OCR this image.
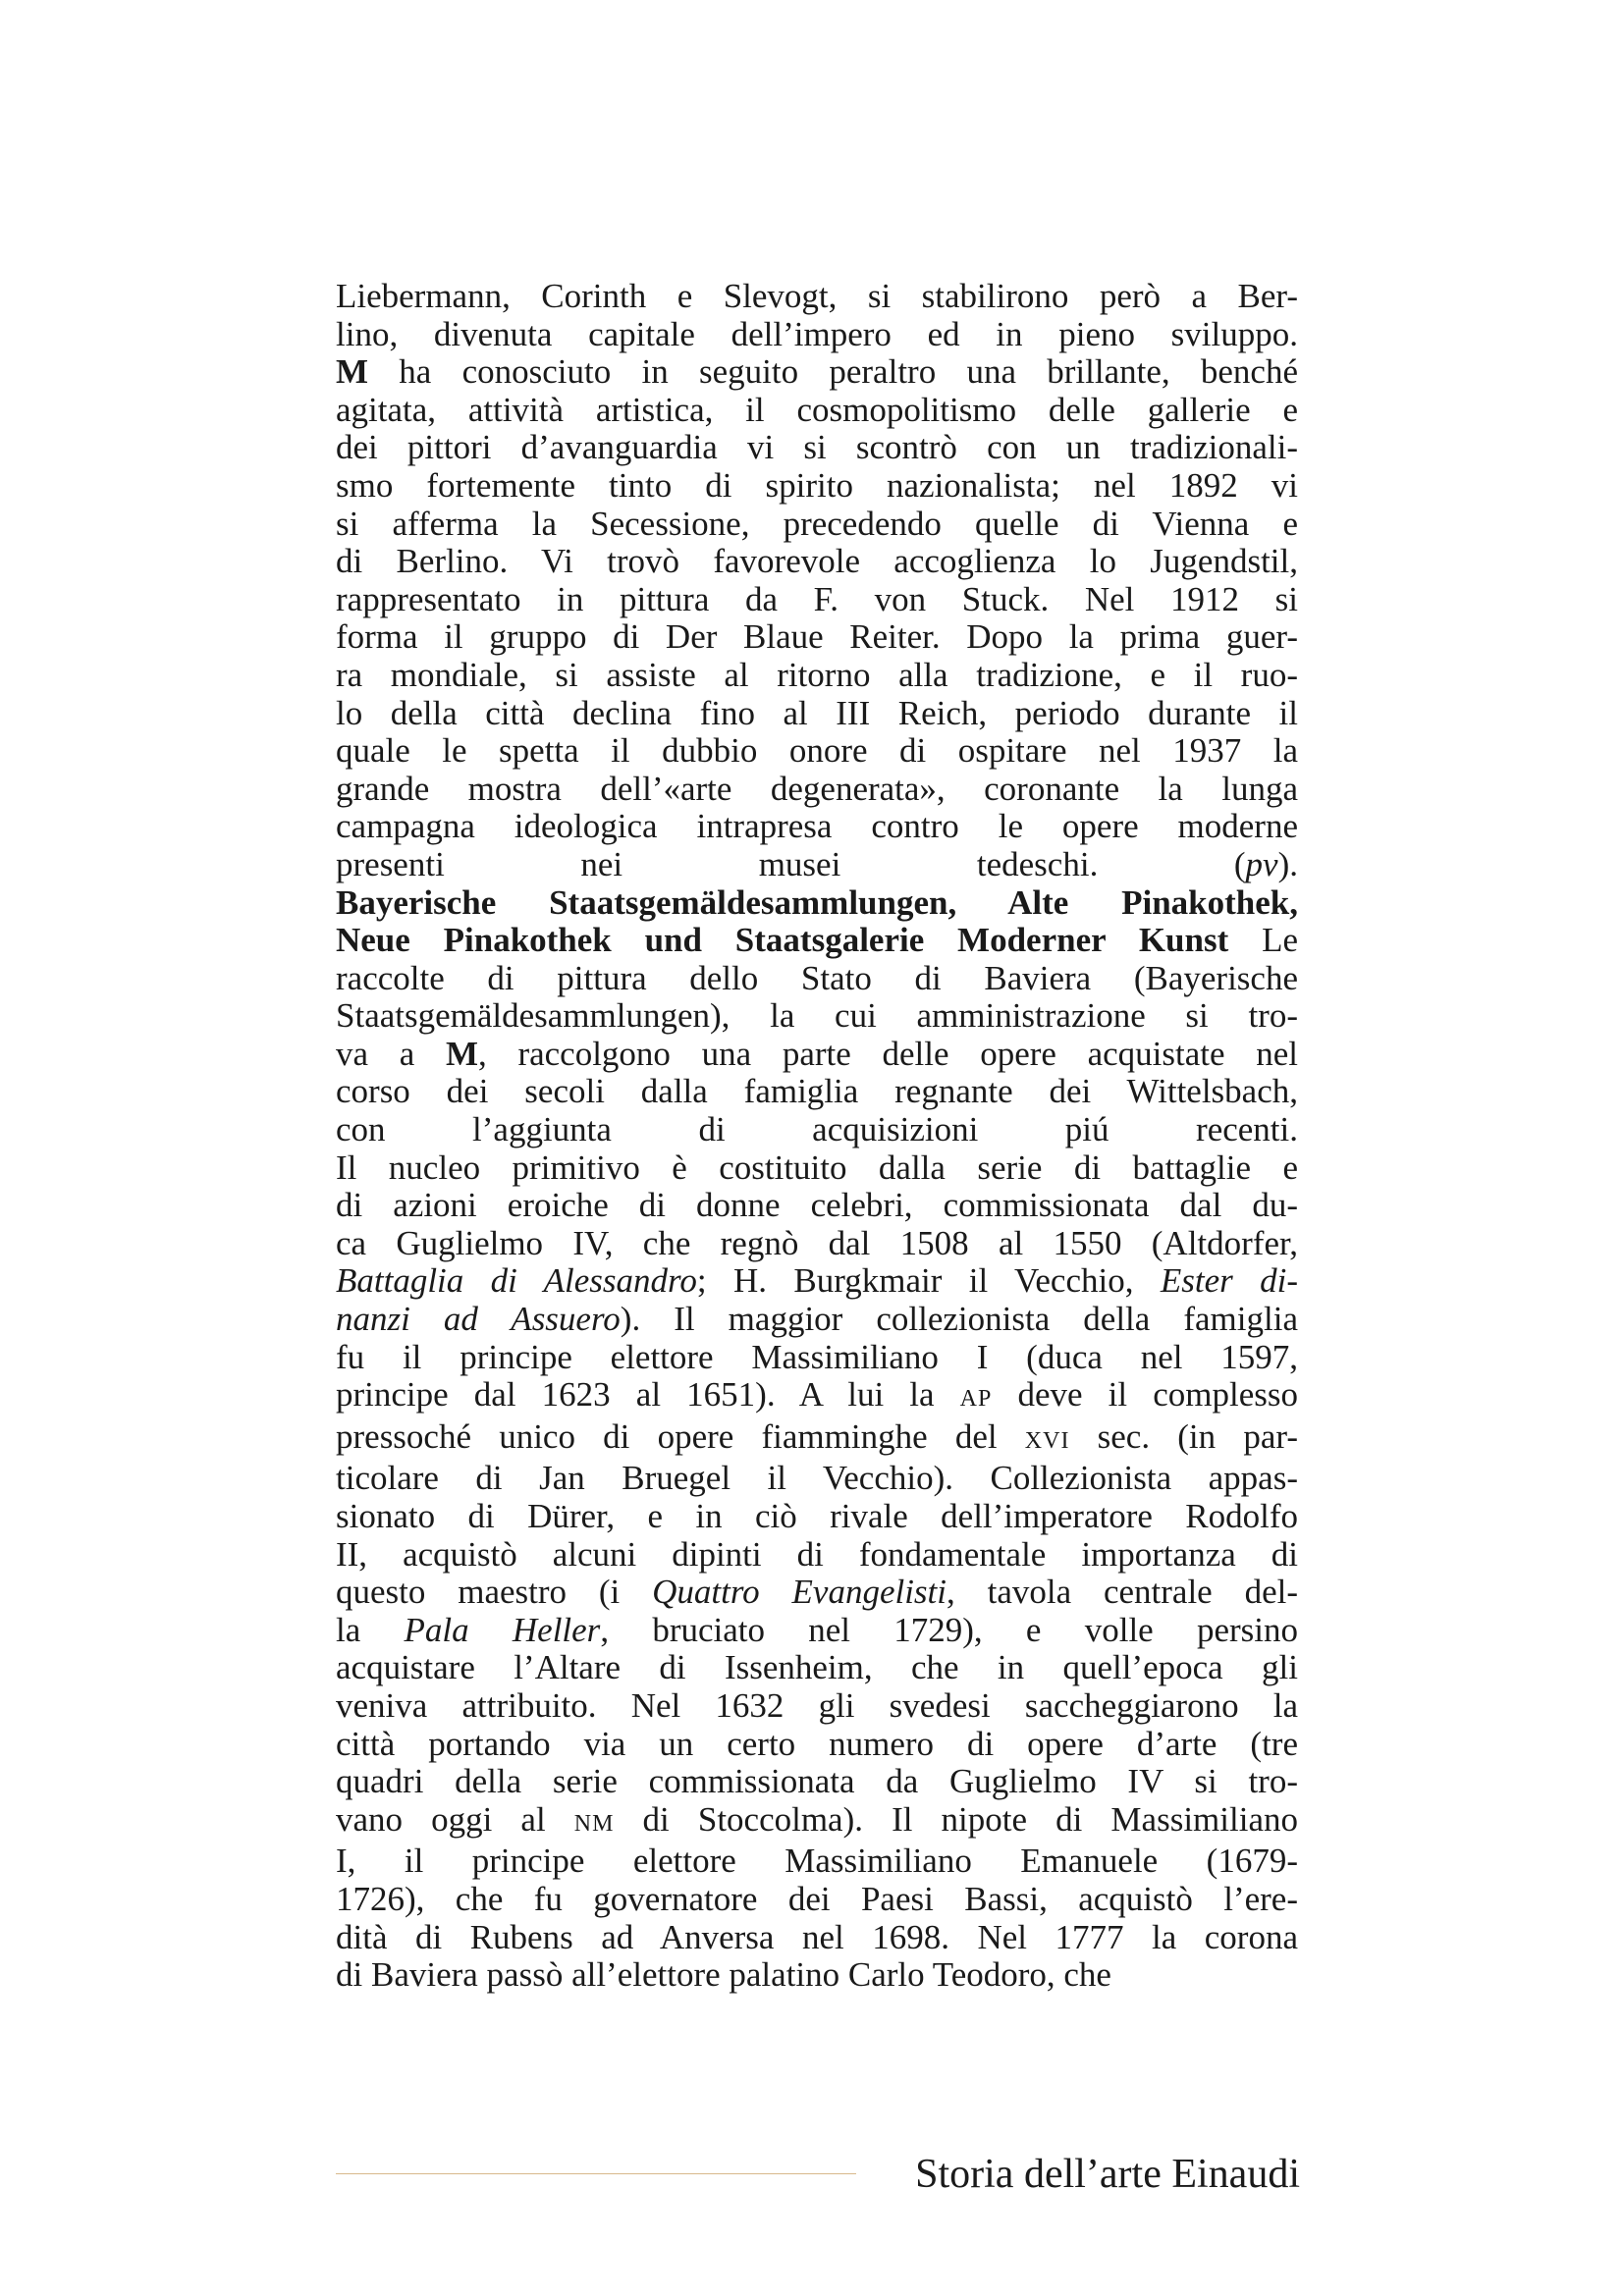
Liebermann, Corinth e Slevogt, si stabilirono però a Ber-
lino, divenuta capitale dell’impero ed in pieno sviluppo.
M ha conosciuto in seguito peraltro una brillante, benché
agitata, attività artistica, il cosmopolitismo delle gallerie e
dei pittori d’avanguardia vi si scontrò con un tradizionali-
smo fortemente tinto di spirito nazionalista; nel 1892 vi
si afferma la Secessione, precedendo quelle di Vienna e
di Berlino. Vi trovò favorevole accoglienza lo Jugendstil,
rappresentato in pittura da F. von Stuck. Nel 1912 si
forma il gruppo di Der Blaue Reiter. Dopo la prima guer-
ra mondiale, si assiste al ritorno alla tradizione, e il ruo-
lo della città declina fino al III Reich, periodo durante il
quale le spetta il dubbio onore di ospitare nel 1937 la
grande mostra dell’«arte degenerata», coronante la lunga
campagna ideologica intrapresa contro le opere moderne
presenti nei musei tedeschi. (pv).
Bayerische Staatsgemäldesammlungen, Alte Pinakothek,
Neue Pinakothek und Staatsgalerie Moderner Kunst Le
raccolte di pittura dello Stato di Baviera (Bayerische
Staatsgemäldesammlungen), la cui amministrazione si tro-
va a M, raccolgono una parte delle opere acquistate nel
corso dei secoli dalla famiglia regnante dei Wittelsbach,
con l’aggiunta di acquisizioni piú recenti.
Il nucleo primitivo è costituito dalla serie di battaglie e
di azioni eroiche di donne celebri, commissionata dal du-
ca Guglielmo IV, che regnò dal 1508 al 1550 (Altdorfer,
Battaglia di Alessandro; H. Burgkmair il Vecchio, Ester di-
nanzi ad Assuero). Il maggior collezionista della famiglia
fu il principe elettore Massimiliano I (duca nel 1597,
principe dal 1623 al 1651). A lui la AP deve il complesso
pressoché unico di opere fiamminghe del XVI sec. (in par-
ticolare di Jan Bruegel il Vecchio). Collezionista appas-
sionato di Dürer, e in ciò rivale dell’imperatore Rodolfo
II, acquistò alcuni dipinti di fondamentale importanza di
questo maestro (i Quattro Evangelisti, tavola centrale del-
la Pala Heller, bruciato nel 1729), e volle persino
acquistare l’Altare di Issenheim, che in quell’epoca gli
veniva attribuito. Nel 1632 gli svedesi saccheggiarono la
città portando via un certo numero di opere d’arte (tre
quadri della serie commissionata da Guglielmo IV si tro-
vano oggi al NM di Stoccolma). Il nipote di Massimiliano
I, il principe elettore Massimiliano Emanuele (1679-
1726), che fu governatore dei Paesi Bassi, acquistò l’ere-
dità di Rubens ad Anversa nel 1698. Nel 1777 la corona
di Baviera passò all’elettore palatino Carlo Teodoro, che
Storia dell’arte Einaudi
